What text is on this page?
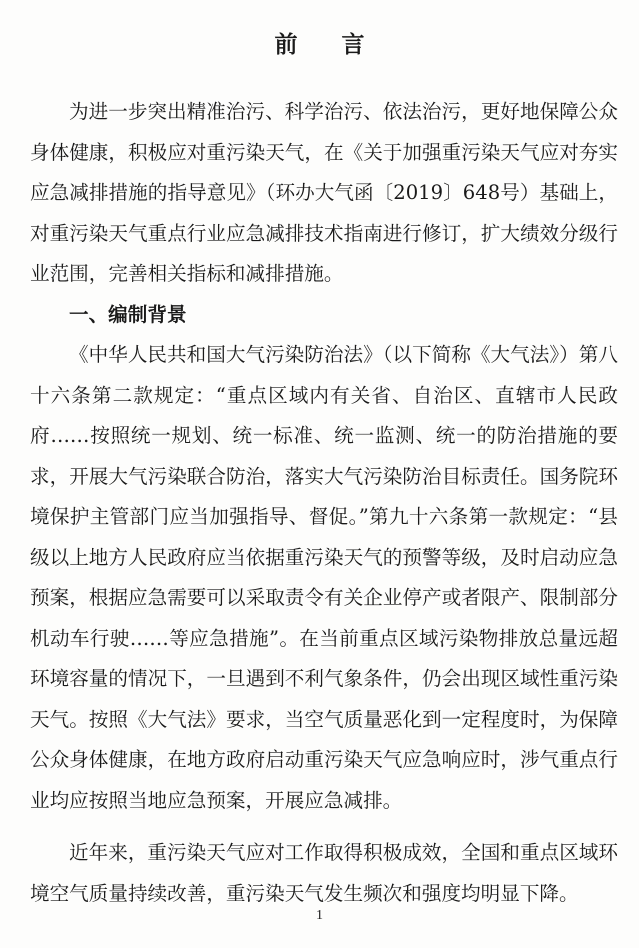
前 言

为进一步突出精准治污、科学治污、依法治污，更好地保障公众身体健康，积极应对重污染天气，在《关于加强重污染天气应对夯实应急减排措施的指导意见》（环办大气函〔2019〕648号）基础上，对重污染天气重点行业应急减排技术指南进行修订，扩大绩效分级行业范围，完善相关指标和减排措施。

一、编制背景

《中华人民共和国大气污染防治法》（以下简称《大气法》）第八十六条第二款规定：“重点区域内有关省、自治区、直辖市人民政府……按照统一规划、统一标准、统一监测、统一的防治措施的要求，开展大气污染联合防治，落实大气污染防治目标责任。国务院环境保护主管部门应当加强指导、督促。”第九十六条第一款规定：“县级以上地方人民政府应当依据重污染天气的预警等级，及时启动应急预案，根据应急需要可以采取责令有关企业停产或者限产、限制部分机动车行驶……等应急措施”。在当前重点区域污染物排放总量远超环境容量的情况下，一旦遇到不利气象条件，仍会出现区域性重污染天气。按照《大气法》要求，当空气质量恶化到一定程度时，为保障公众身体健康，在地方政府启动重污染天气应急响应时，涉气重点行业均应按照当地应急预案，开展应急减排。

近年来，重污染天气应对工作取得积极成效，全国和重点区域环境空气质量持续改善，重污染天气发生频次和强度均明显下降。

1
